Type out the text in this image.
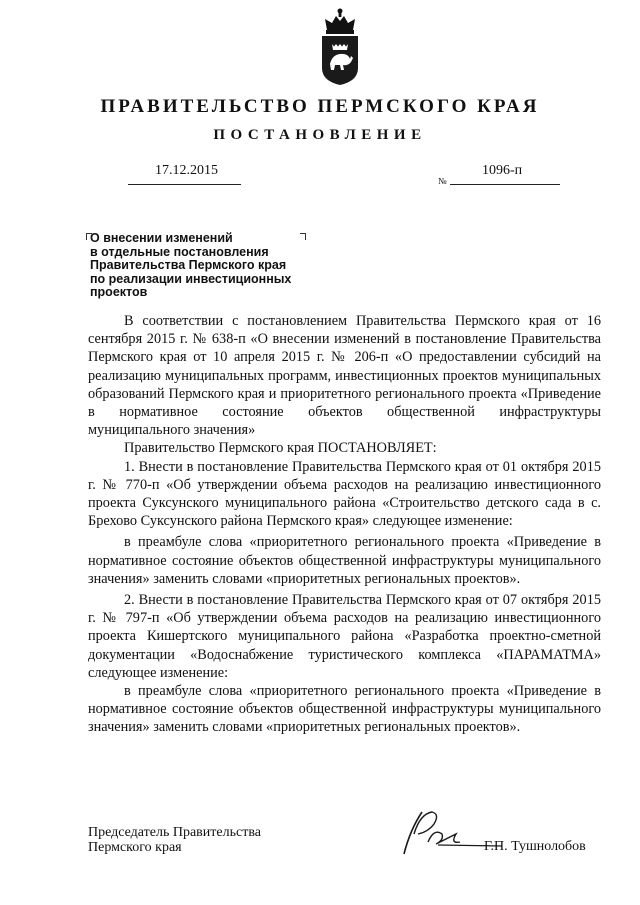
ПРАВИТЕЛЬСТВО ПЕРМСКОГО КРАЯ
ПОСТАНОВЛЕНИЕ
17.12.2015
№
1096-п
О внесении изменений
в отдельные постановления
Правительства Пермского края
по реализации инвестиционных
проектов

В соответствии с постановлением Правительства Пермского края от 16 сентября 2015 г. № 638-п «О внесении изменений в постановление Правительства Пермского края от 10 апреля 2015 г. № 206-п «О предоставлении субсидий на реализацию муниципальных программ, инвестиционных проектов муниципальных образований Пермского края и приоритетного регионального проекта «Приведение в нормативное состояние объектов общественной инфраструктуры муниципального значения»

Правительство Пермского края ПОСТАНОВЛЯЕТ:

1. Внести в постановление Правительства Пермского края от 01 октября 2015 г. № 770-п «Об утверждении объема расходов на реализацию инвестиционного проекта Суксунского муниципального района «Строительство детского сада в с. Брехово Суксунского района Пермского края» следующее изменение:

в преамбуле слова «приоритетного регионального проекта «Приведение в нормативное состояние объектов общественной инфраструктуры муниципального значения» заменить словами «приоритетных региональных проектов».

2. Внести в постановление Правительства Пермского края от 07 октября 2015 г. № 797-п «Об утверждении объема расходов на реализацию инвестиционного проекта Кишертского муниципального района «Разработка проектно-сметной документации «Водоснабжение туристического комплекса «ПАРАМАТМА» следующее изменение:

в преамбуле слова «приоритетного регионального проекта «Приведение в нормативное состояние объектов общественной инфраструктуры муниципального значения» заменить словами «приоритетных региональных проектов».

Председатель Правительства
Пермского края	Г.П. Тушнолобов
